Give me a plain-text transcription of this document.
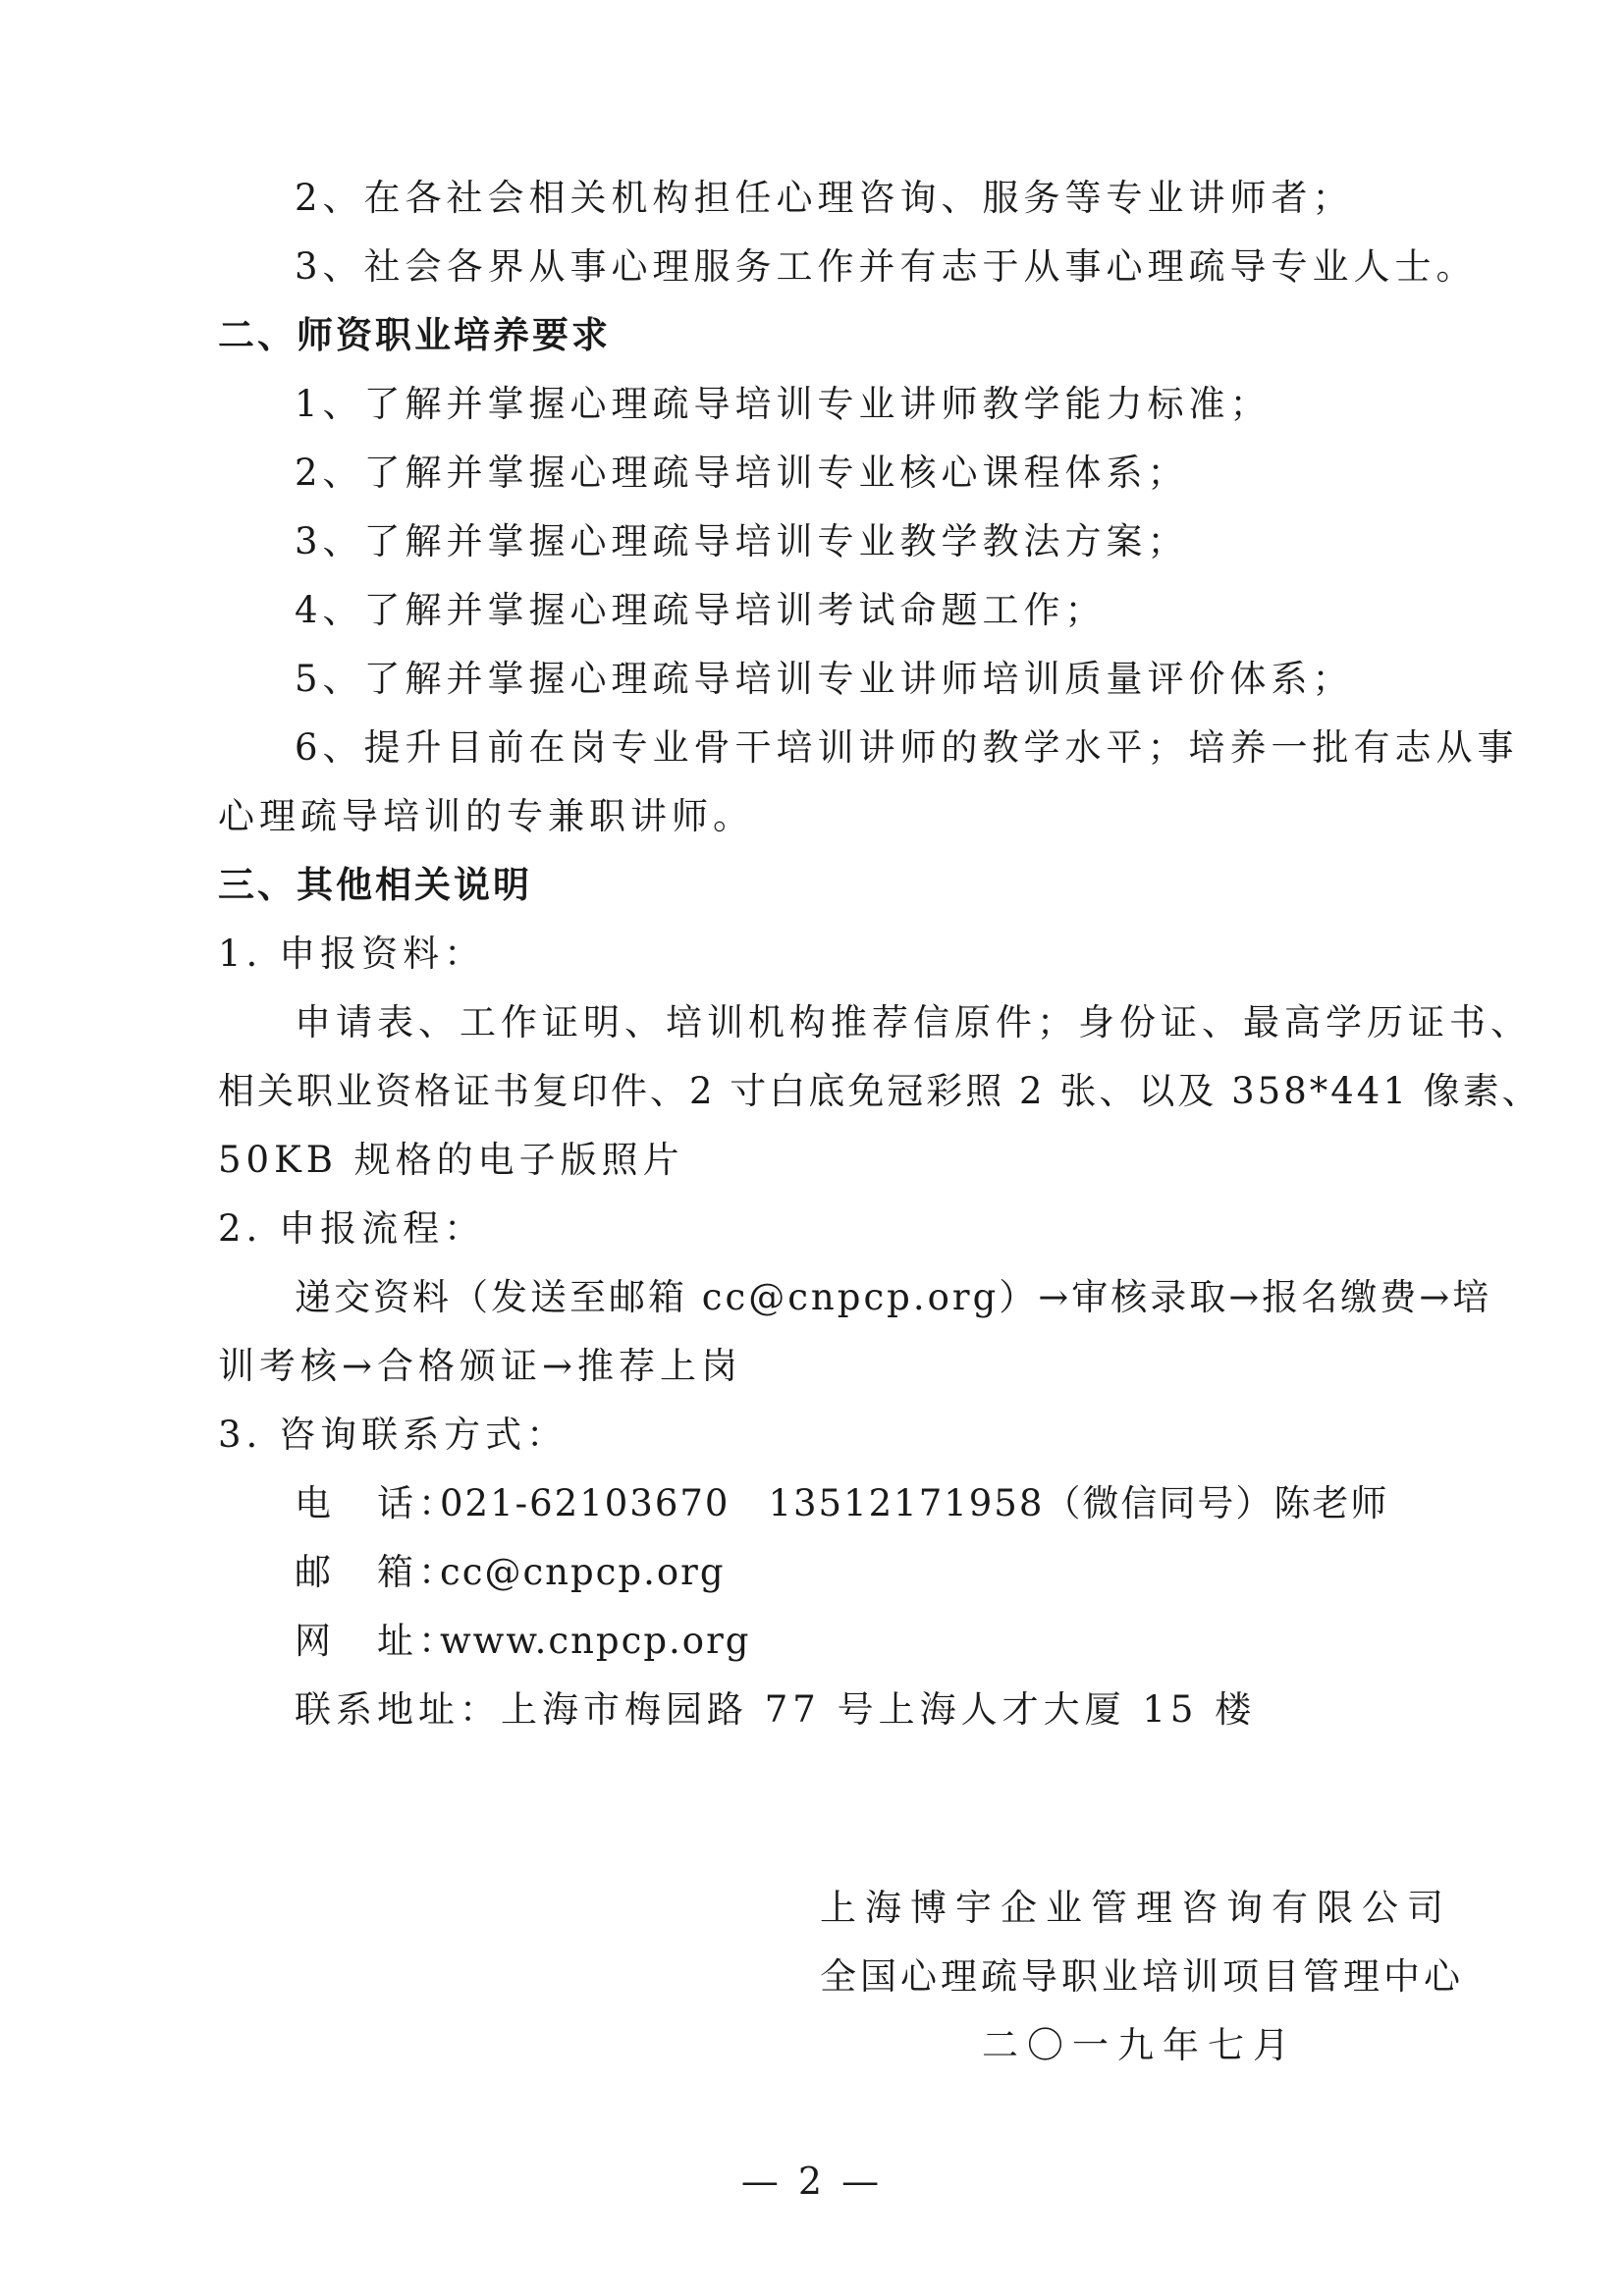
2、在各社会相关机构担任心理咨询、服务等专业讲师者；
3、社会各界从事心理服务工作并有志于从事心理疏导专业人士。
二、师资职业培养要求
1、了解并掌握心理疏导培训专业讲师教学能力标准；
2、了解并掌握心理疏导培训专业核心课程体系；
3、了解并掌握心理疏导培训专业教学教法方案；
4、了解并掌握心理疏导培训考试命题工作；
5、了解并掌握心理疏导培训专业讲师培训质量评价体系；
6、提升目前在岗专业骨干培训讲师的教学水平；培养一批有志从事
心理疏导培训的专兼职讲师。
三、其他相关说明
1. 申报资料：
申请表、工作证明、培训机构推荐信原件；身份证、最高学历证书、
相关职业资格证书复印件、2 寸白底免冠彩照 2 张、以及 358*441 像素、
50KB 规格的电子版照片
2. 申报流程：
递交资料（发送至邮箱 cc@cnpcp.org）→审核录取→报名缴费→培
训考核→合格颁证→推荐上岗
3. 咨询联系方式：
电　话：021-62103670　13512171958（微信同号）陈老师
邮　箱：cc@cnpcp.org
网　址：www.cnpcp.org
联系地址：上海市梅园路 77 号上海人才大厦 15 楼
上海博宇企业管理咨询有限公司
全国心理疏导职业培训项目管理中心
二〇一九年七月
— 2 —
